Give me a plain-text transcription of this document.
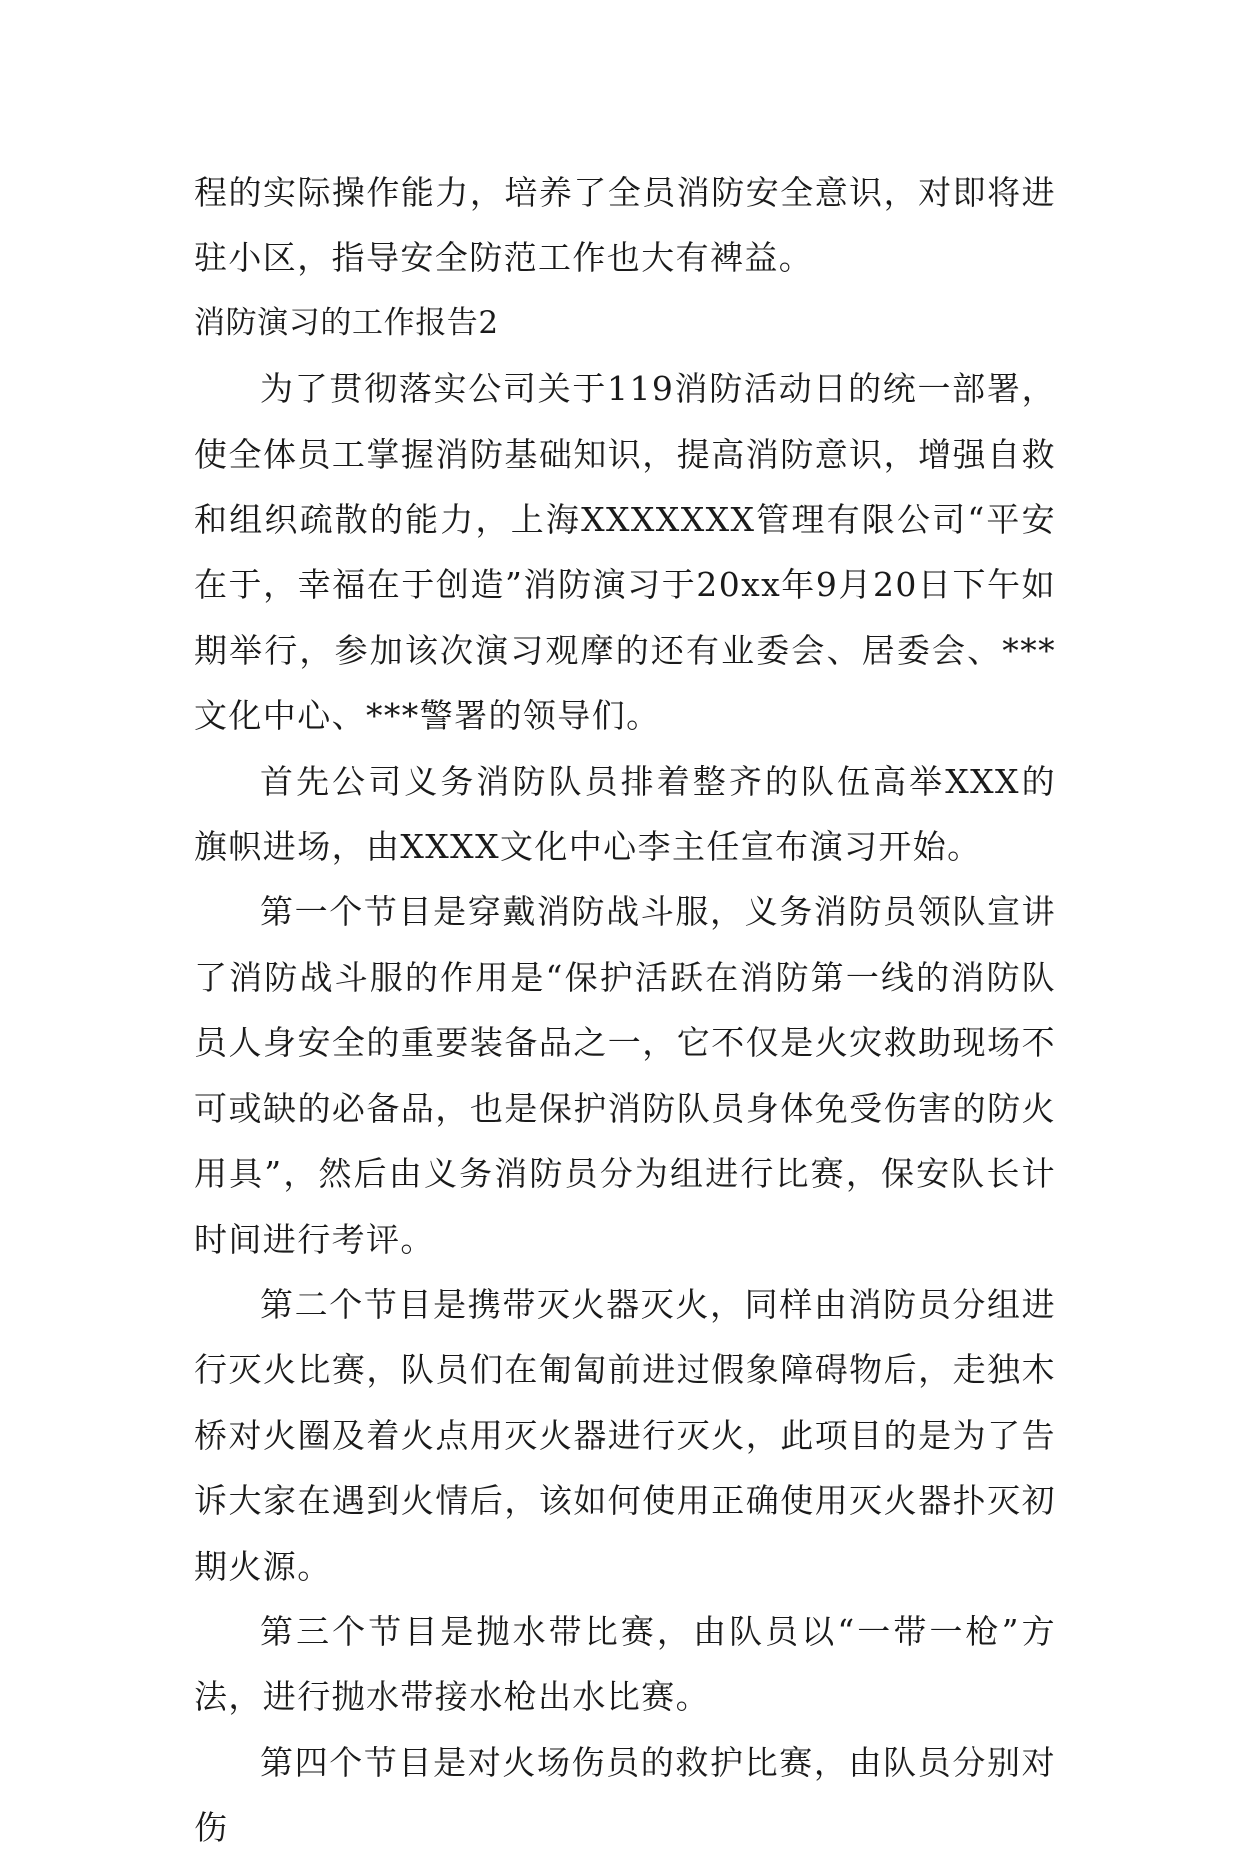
程的实际操作能力，培养了全员消防安全意识，对即将进驻小区，指导安全防范工作也大有裨益。

消防演习的工作报告2

为了贯彻落实公司关于119消防活动日的统一部署，使全体员工掌握消防基础知识，提高消防意识，增强自救和组织疏散的能力，上海XXXXXXX管理有限公司“平安在于，幸福在于创造”消防演习于20xx年9月20日下午如期举行，参加该次演习观摩的还有业委会、居委会、***文化中心、***警署的领导们。

首先公司义务消防队员排着整齐的队伍高举XXX的旗帜进场，由XXXX文化中心李主任宣布演习开始。

第一个节目是穿戴消防战斗服，义务消防员领队宣讲了消防战斗服的作用是“保护活跃在消防第一线的消防队员人身安全的重要装备品之一，它不仅是火灾救助现场不可或缺的必备品，也是保护消防队员身体免受伤害的防火用具”，然后由义务消防员分为组进行比赛，保安队长计时间进行考评。

第二个节目是携带灭火器灭火，同样由消防员分组进行灭火比赛，队员们在匍匐前进过假象障碍物后，走独木桥对火圈及着火点用灭火器进行灭火，此项目的是为了告诉大家在遇到火情后，该如何使用正确使用灭火器扑灭初期火源。

第三个节目是抛水带比赛，由队员以“一带一枪”方法，进行抛水带接水枪出水比赛。

第四个节目是对火场伤员的救护比赛，由队员分别对伤
